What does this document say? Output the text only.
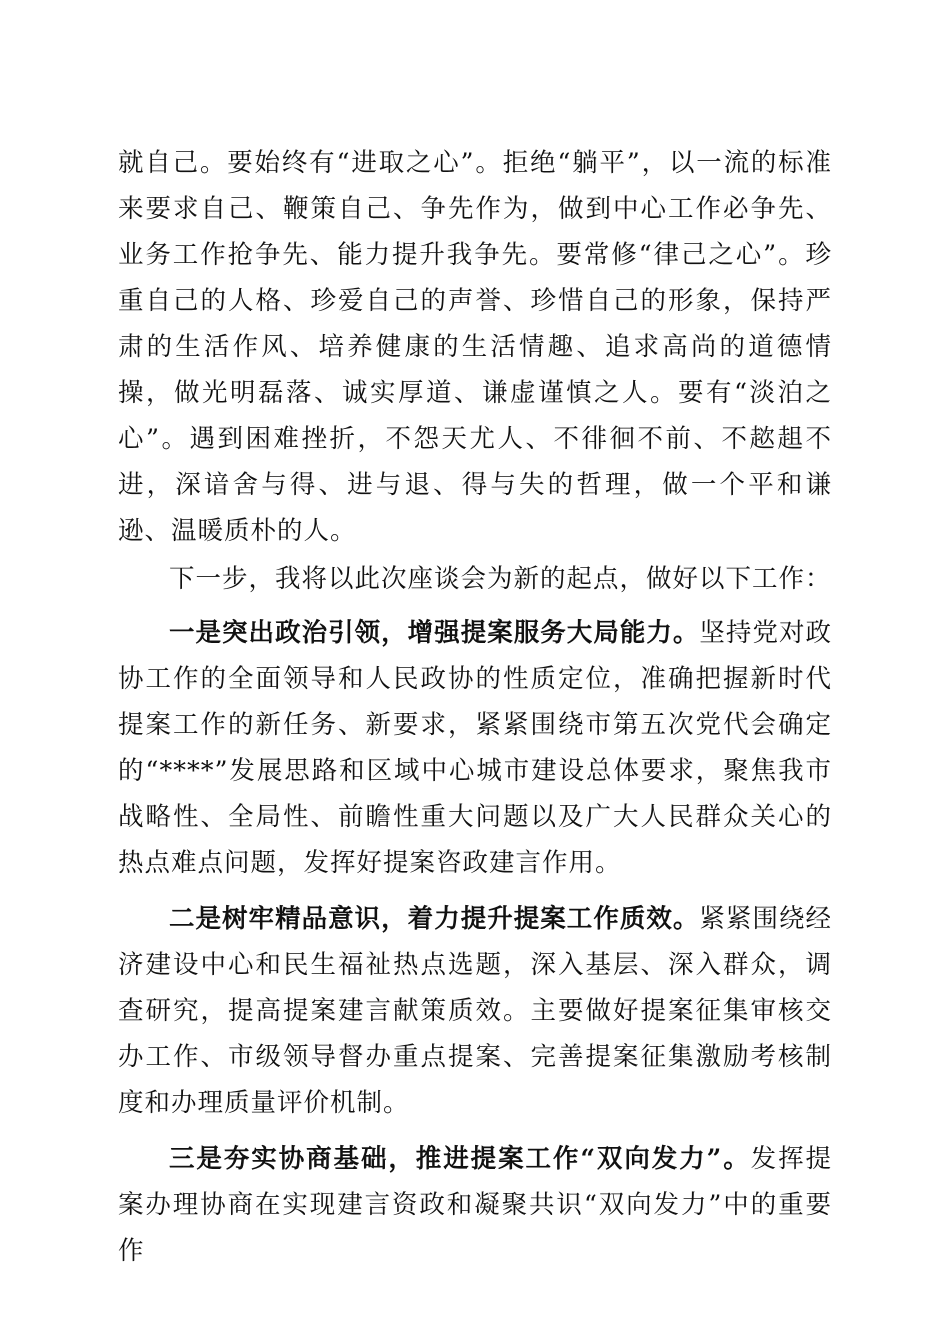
就自己。要始终有“进取之心”。拒绝“躺平”，以一流的标准来要求自己、鞭策自己、争先作为，做到中心工作必争先、业务工作抢争先、能力提升我争先。要常修“律己之心”。珍重自己的人格、珍爱自己的声誉、珍惜自己的形象，保持严肃的生活作风、培养健康的生活情趣、追求高尚的道德情操，做光明磊落、诚实厚道、谦虚谨慎之人。要有“淡泊之心”。遇到困难挫折，不怨天尤人、不徘徊不前、不趑趄不进，深谙舍与得、进与退、得与失的哲理，做一个平和谦逊、温暖质朴的人。

下一步，我将以此次座谈会为新的起点，做好以下工作：

一是突出政治引领，增强提案服务大局能力。坚持党对政协工作的全面领导和人民政协的性质定位，准确把握新时代提案工作的新任务、新要求，紧紧围绕市第五次党代会确定的“****”发展思路和区域中心城市建设总体要求，聚焦我市战略性、全局性、前瞻性重大问题以及广大人民群众关心的热点难点问题，发挥好提案咨政建言作用。

二是树牢精品意识，着力提升提案工作质效。紧紧围绕经济建设中心和民生福祉热点选题，深入基层、深入群众，调查研究，提高提案建言献策质效。主要做好提案征集审核交办工作、市级领导督办重点提案、完善提案征集激励考核制度和办理质量评价机制。

三是夯实协商基础，推进提案工作“双向发力”。发挥提案办理协商在实现建言资政和凝聚共识“双向发力”中的重要作
